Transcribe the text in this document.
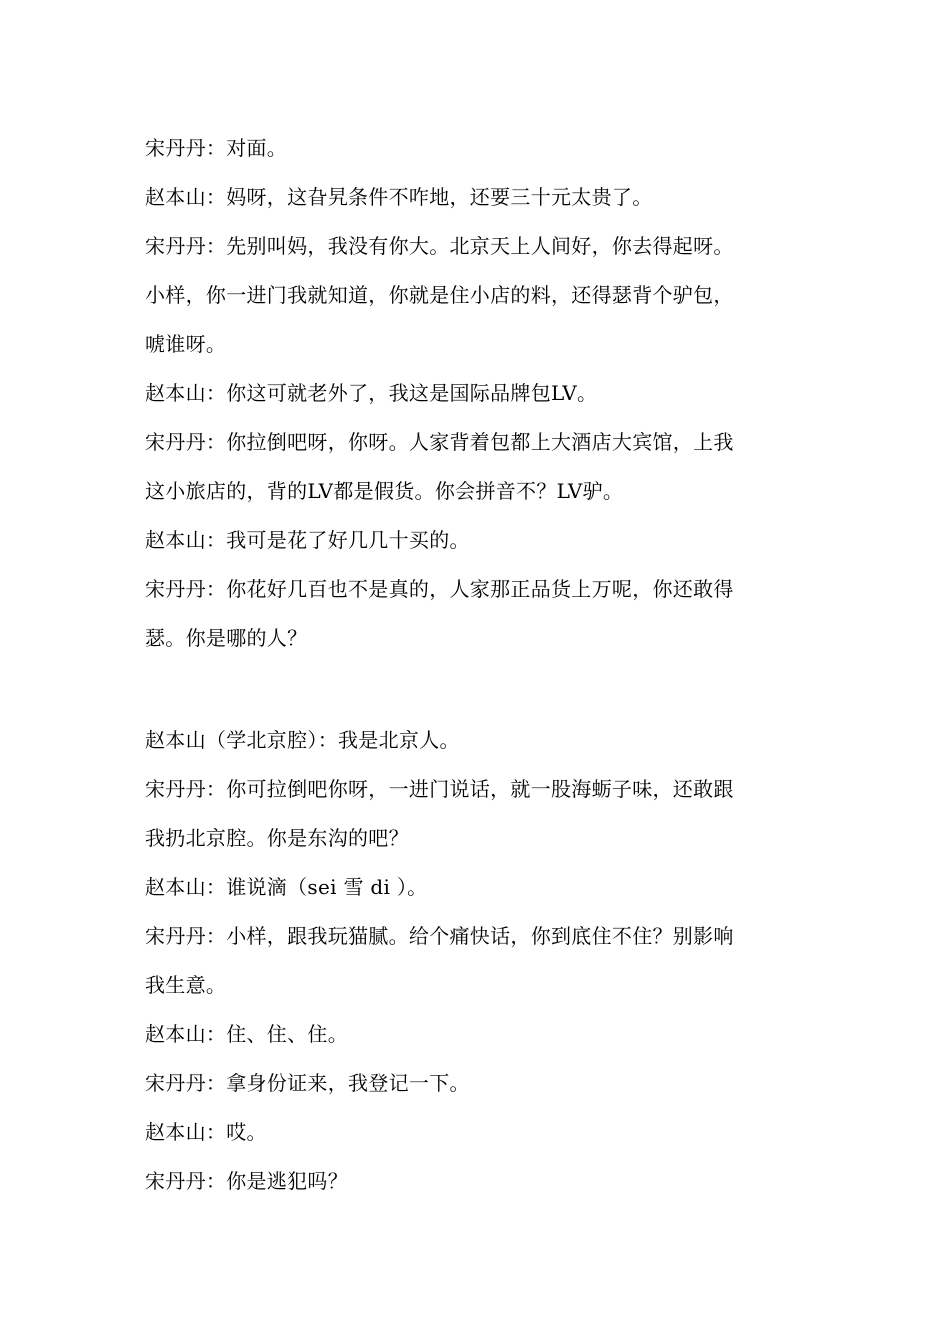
宋丹丹：对面。
赵本山：妈呀，这旮旯条件不咋地，还要三十元太贵了。
宋丹丹：先别叫妈，我没有你大。北京天上人间好，你去得起呀。
小样，你一进门我就知道，你就是住小店的料，还得瑟背个驴包，
唬谁呀。
赵本山：你这可就老外了，我这是国际品牌包LV。
宋丹丹：你拉倒吧呀，你呀。人家背着包都上大酒店大宾馆，上我
这小旅店的，背的LV都是假货。你会拼音不？LV驴。
赵本山：我可是花了好几几十买的。
宋丹丹：你花好几百也不是真的，人家那正品货上万呢，你还敢得
瑟。你是哪的人？
赵本山（学北京腔）：我是北京人。
宋丹丹：你可拉倒吧你呀，一进门说话，就一股海蛎子味，还敢跟
我扔北京腔。你是东沟的吧？
赵本山：谁说滴（sei 雪 di ）。
宋丹丹：小样，跟我玩猫腻。给个痛快话，你到底住不住？别影响
我生意。
赵本山：住、住、住。
宋丹丹：拿身份证来，我登记一下。
赵本山：哎。
宋丹丹：你是逃犯吗？
